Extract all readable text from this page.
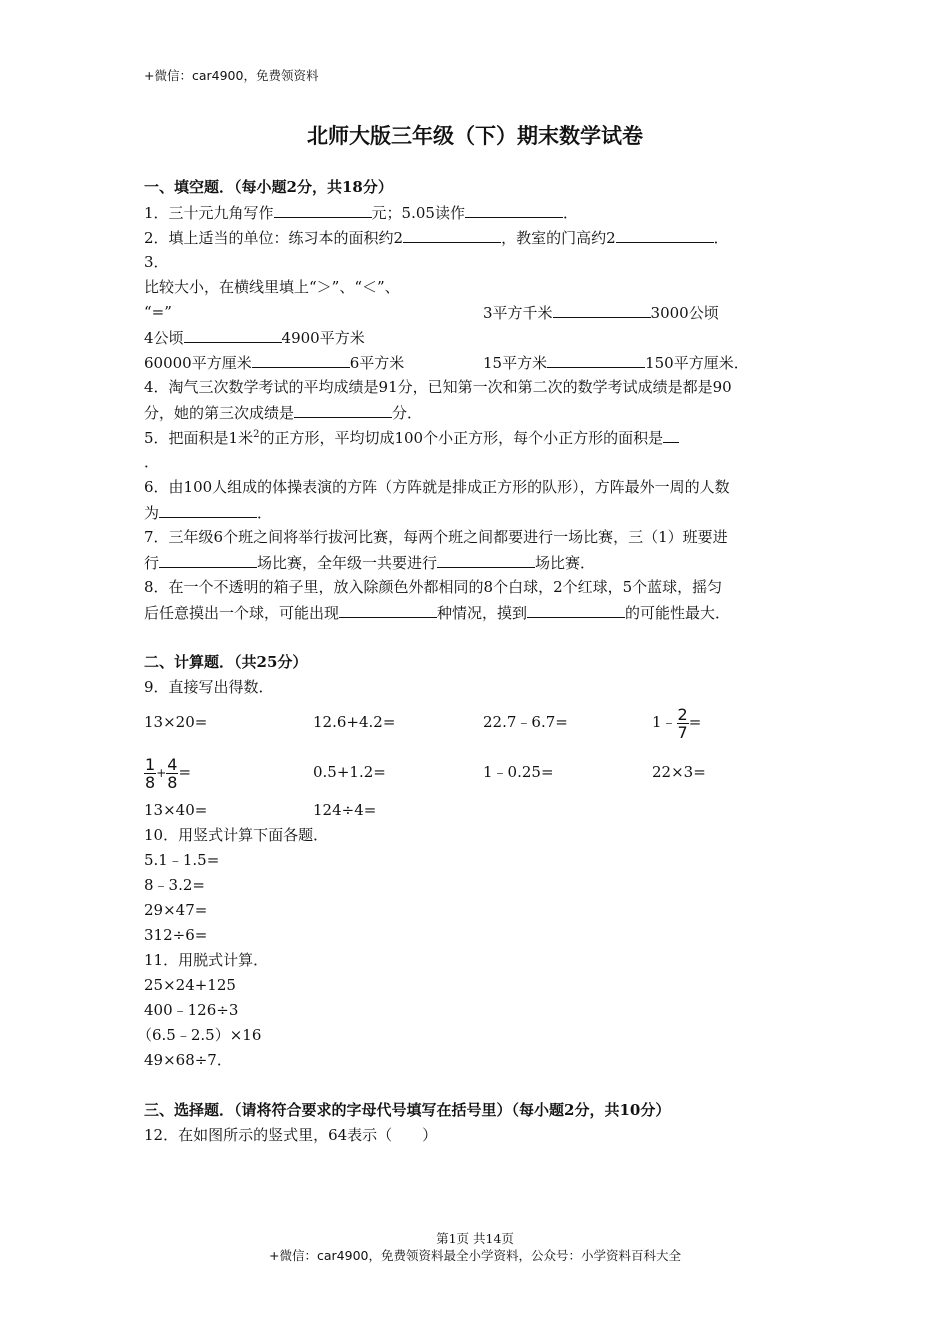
+微信：car4900，免费领资料
北师大版三年级（下）期末数学试卷
一、填空题．（每小题2分，共18分）
1．三十元九角写作	元；5.05读作	．
2．填上适当的单位：练习本的面积约2	，教室的门高约2	．
3．
比较大小，在横线里填上“＞”、“＜”、
“=”	3平方千米	3000公顷
4公顷	4900平方米
60000平方厘米	6平方米	15平方米	150平方厘米．
4．淘气三次数学考试的平均成绩是91分，已知第一次和第二次的数学考试成绩是都是90
分，她的第三次成绩是	分．
5．把面积是1米$^2$的正方形，平均切成100个小正方形，每个小正方形的面积是
．
6．由100人组成的体操表演的方阵（方阵就是排成正方形的队形），方阵最外一周的人数
为	．
7．三年级6个班之间将举行拔河比赛，每两个班之间都要进行一场比赛，三（1）班要进
行	场比赛，全年级一共要进行	场比赛．
8．在一个不透明的箱子里，放入除颜色外都相同的8个白球，2个红球，5个蓝球，摇匀
后任意摸出一个球，可能出现	种情况，摸到	的可能性最大．
二、计算题．（共25分）
9．直接写出得数．
13×20=	12.6+4.2=	22.7﹣6.7=	1﹣ $\frac{2}{7}$ =
$\frac{1}{8} + \frac{4}{8}$ =	0.5+1.2=	1﹣0.25=	22×3=
13×40=	124÷4=
10．用竖式计算下面各题．
5.1﹣1.5=
8﹣3.2=
29×47=
312÷6=
11．用脱式计算．
25×24+125
400﹣126÷3
（6.5﹣2.5）×16
49×68÷7．
三、选择题．（请将符合要求的字母代号填写在括号里）（每小题2分，共10分）
12．在如图所示的竖式里，64表示（　　）
第1页 共14页
+微信：car4900，免费领资料最全小学资料，公众号：小学资料百科大全
